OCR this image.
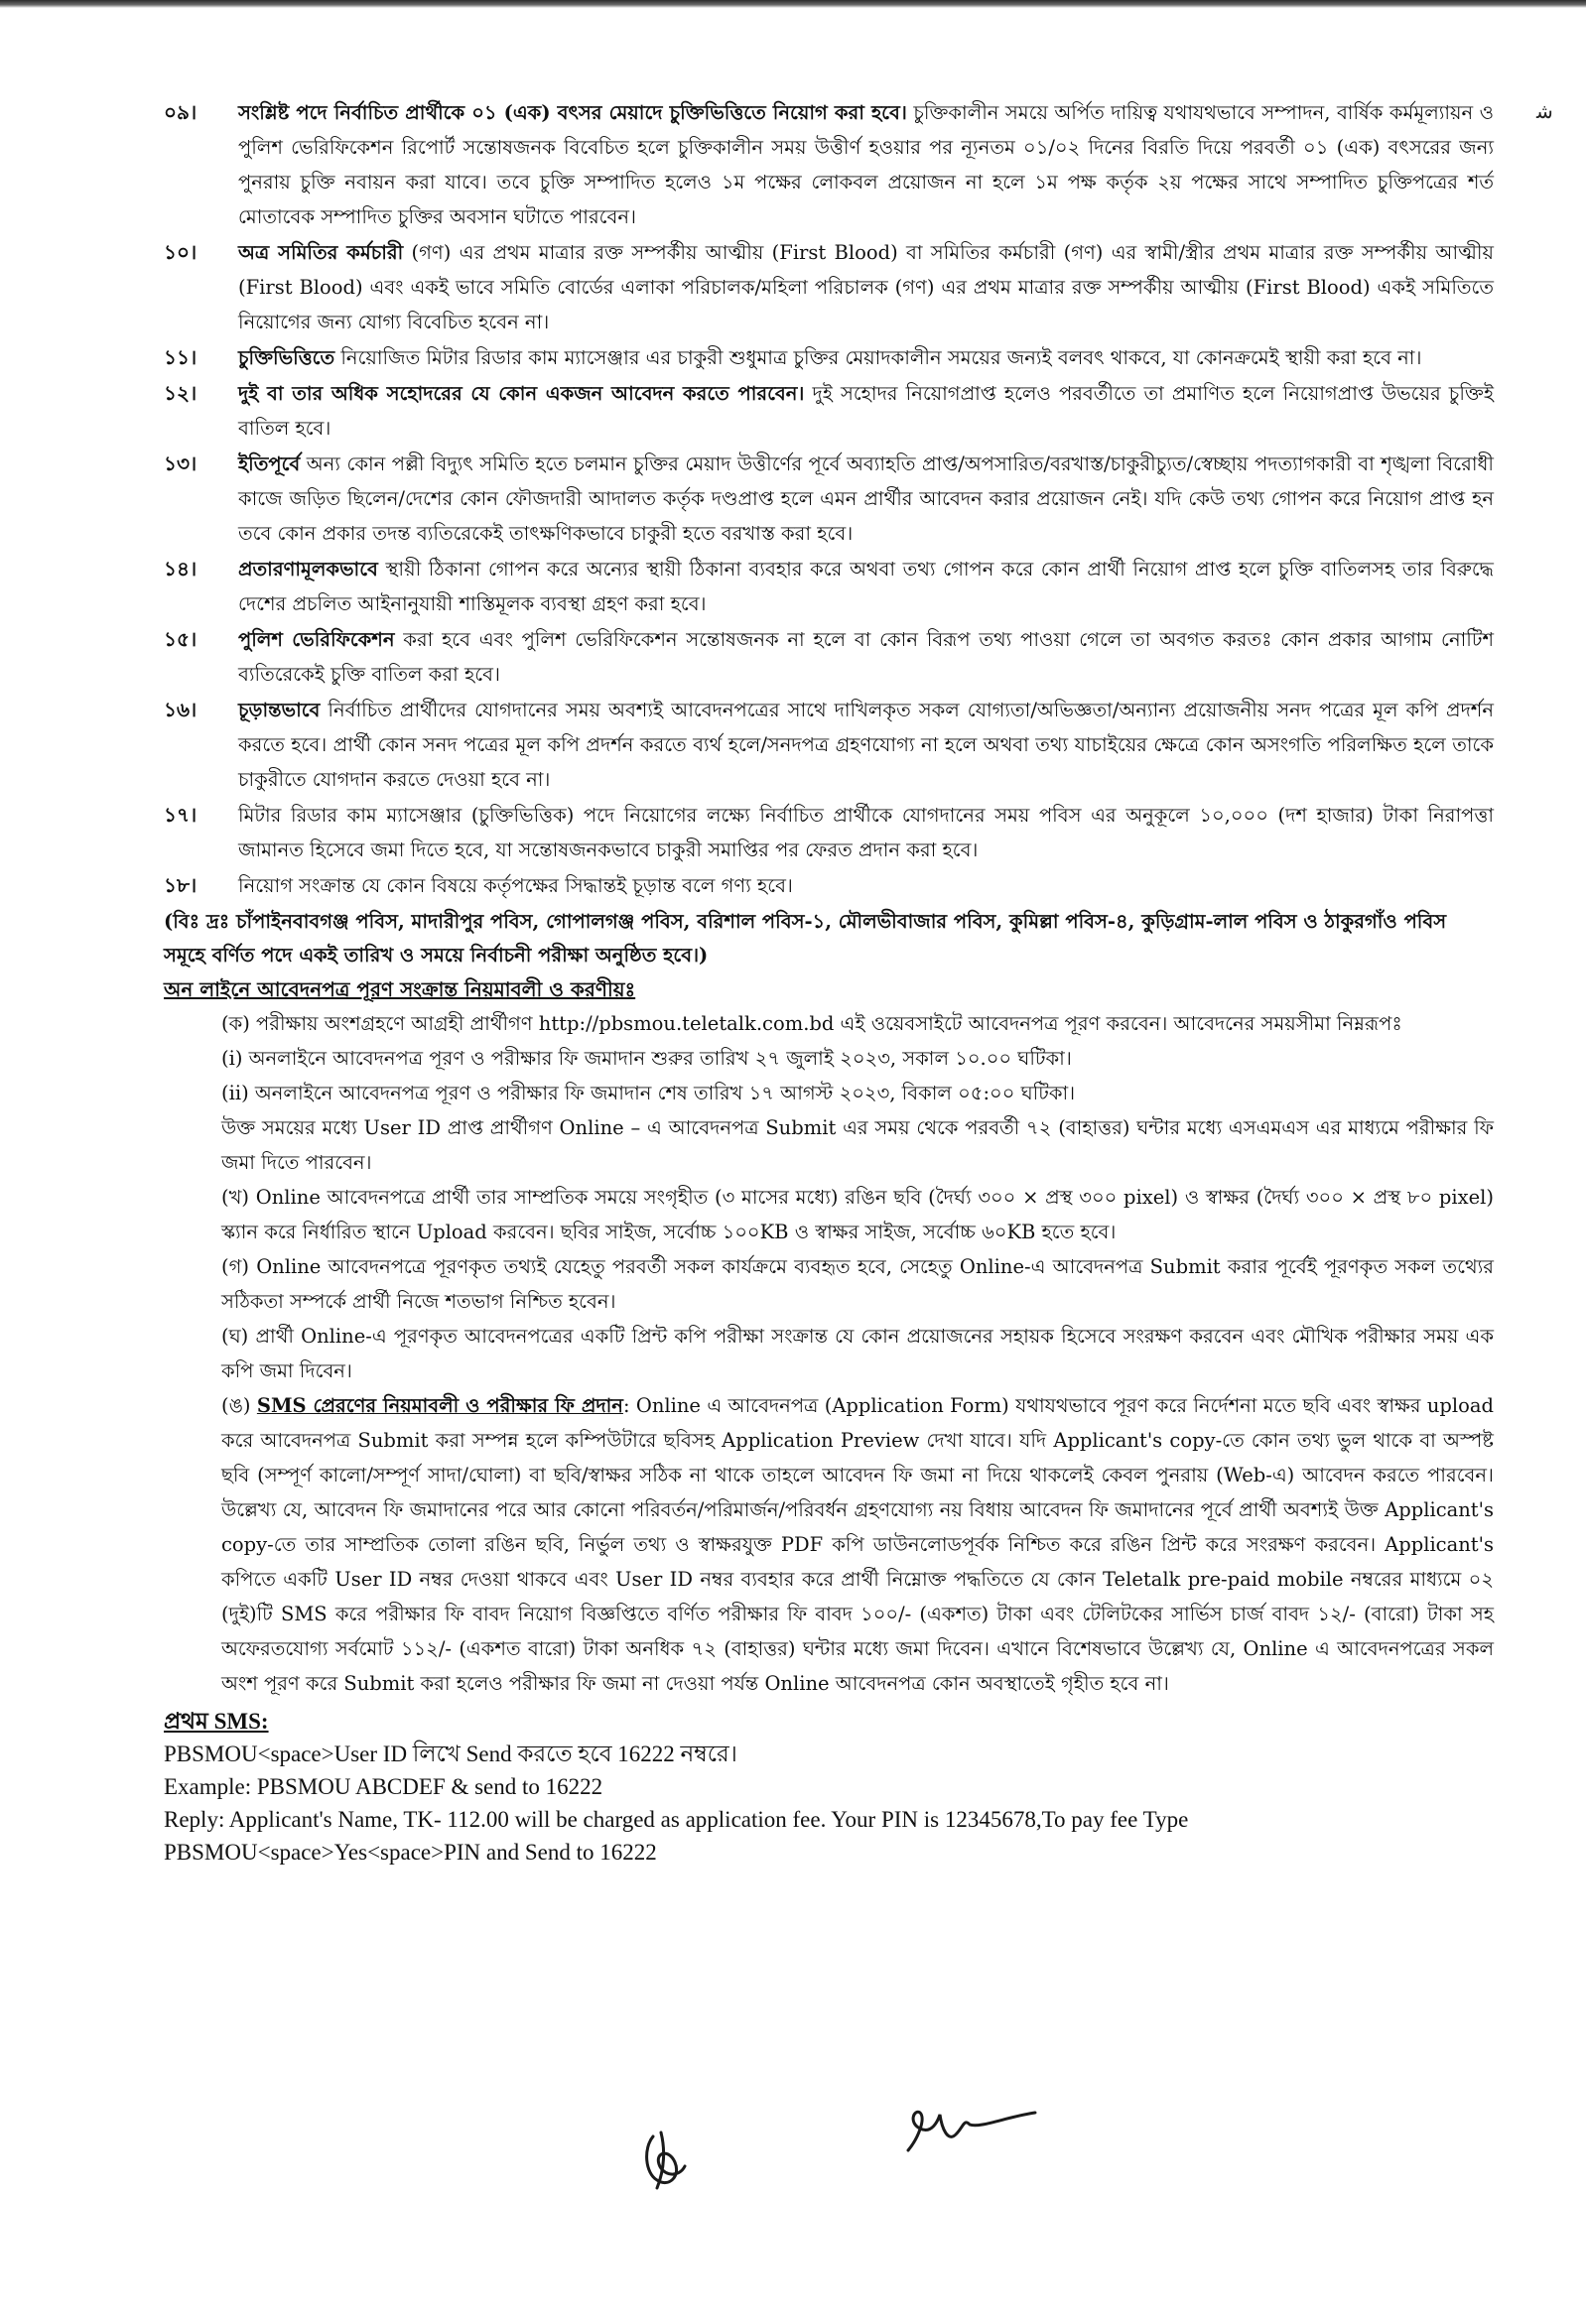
ﺷ
০৯। সংশ্লিষ্ট পদে নির্বাচিত প্রার্থীকে ০১ (এক) বৎসর মেয়াদে চুক্তিভিত্তিতে নিয়োগ করা হবে। চুক্তিকালীন সময়ে অর্পিত দায়িত্ব যথাযথভাবে সম্পাদন, বার্ষিক কর্মমূল্যায়ন ও পুলিশ ভেরিফিকেশন রিপোর্ট সন্তোষজনক বিবেচিত হলে চুক্তিকালীন সময় উত্তীর্ণ হওয়ার পর ন্যূনতম ০১/০২ দিনের বিরতি দিয়ে পরবর্তী ০১ (এক) বৎসরের জন্য পুনরায় চুক্তি নবায়ন করা যাবে। তবে চুক্তি সম্পাদিত হলেও ১ম পক্ষের লোকবল প্রয়োজন না হলে ১ম পক্ষ কর্তৃক ২য় পক্ষের সাথে সম্পাদিত চুক্তিপত্রের শর্ত মোতাবেক সম্পাদিত চুক্তির অবসান ঘটাতে পারবেন।
১০। অত্র সমিতির কর্মচারী (গণ) এর প্রথম মাত্রার রক্ত সম্পর্কীয় আত্মীয় (First Blood) বা সমিতির কর্মচারী (গণ) এর স্বামী/স্ত্রীর প্রথম মাত্রার রক্ত সম্পর্কীয় আত্মীয় (First Blood) এবং একই ভাবে সমিতি বোর্ডের এলাকা পরিচালক/মহিলা পরিচালক (গণ) এর প্রথম মাত্রার রক্ত সম্পর্কীয় আত্মীয় (First Blood) একই সমিতিতে নিয়োগের জন্য যোগ্য বিবেচিত হবেন না।
১১। চুক্তিভিত্তিতে নিয়োজিত মিটার রিডার কাম ম্যাসেঞ্জার এর চাকুরী শুধুমাত্র চুক্তির মেয়াদকালীন সময়ের জন্যই বলবৎ থাকবে, যা কোনক্রমেই স্থায়ী করা হবে না।
১২। দুই বা তার অধিক সহোদরের যে কোন একজন আবেদন করতে পারবেন। দুই সহোদর নিয়োগপ্রাপ্ত হলেও পরবর্তীতে তা প্রমাণিত হলে নিয়োগপ্রাপ্ত উভয়ের চুক্তিই বাতিল হবে।
১৩। ইতিপূর্বে অন্য কোন পল্লী বিদ্যুৎ সমিতি হতে চলমান চুক্তির মেয়াদ উত্তীর্ণের পূর্বে অব্যাহতি প্রাপ্ত/অপসারিত/বরখাস্ত/চাকুরীচ্যুত/স্বেচ্ছায় পদত্যাগকারী বা শৃঙ্খলা বিরোধী কাজে জড়িত ছিলেন/দেশের কোন ফৌজদারী আদালত কর্তৃক দণ্ডপ্রাপ্ত হলে এমন প্রার্থীর আবেদন করার প্রয়োজন নেই। যদি কেউ তথ্য গোপন করে নিয়োগ প্রাপ্ত হন তবে কোন প্রকার তদন্ত ব্যতিরেকেই তাৎক্ষণিকভাবে চাকুরী হতে বরখাস্ত করা হবে।
১৪। প্রতারণামূলকভাবে স্থায়ী ঠিকানা গোপন করে অন্যের স্থায়ী ঠিকানা ব্যবহার করে অথবা তথ্য গোপন করে কোন প্রার্থী নিয়োগ প্রাপ্ত হলে চুক্তি বাতিলসহ তার বিরুদ্ধে দেশের প্রচলিত আইনানুযায়ী শাস্তিমূলক ব্যবস্থা গ্রহণ করা হবে।
১৫। পুলিশ ভেরিফিকেশন করা হবে এবং পুলিশ ভেরিফিকেশন সন্তোষজনক না হলে বা কোন বিরূপ তথ্য পাওয়া গেলে তা অবগত করতঃ কোন প্রকার আগাম নোটিশ ব্যতিরেকেই চুক্তি বাতিল করা হবে।
১৬। চূড়ান্তভাবে নির্বাচিত প্রার্থীদের যোগদানের সময় অবশ্যই আবেদনপত্রের সাথে দাখিলকৃত সকল যোগ্যতা/অভিজ্ঞতা/অন্যান্য প্রয়োজনীয় সনদ পত্রের মূল কপি প্রদর্শন করতে হবে। প্রার্থী কোন সনদ পত্রের মূল কপি প্রদর্শন করতে ব্যর্থ হলে/সনদপত্র গ্রহণযোগ্য না হলে অথবা তথ্য যাচাইয়ের ক্ষেত্রে কোন অসংগতি পরিলক্ষিত হলে তাকে চাকুরীতে যোগদান করতে দেওয়া হবে না।
১৭। মিটার রিডার কাম ম্যাসেঞ্জার (চুক্তিভিত্তিক) পদে নিয়োগের লক্ষ্যে নির্বাচিত প্রার্থীকে যোগদানের সময় পবিস এর অনুকূলে ১০,০০০ (দশ হাজার) টাকা নিরাপত্তা জামানত হিসেবে জমা দিতে হবে, যা সন্তোষজনকভাবে চাকুরী সমাপ্তির পর ফেরত প্রদান করা হবে।
১৮। নিয়োগ সংক্রান্ত যে কোন বিষয়ে কর্তৃপক্ষের সিদ্ধান্তই চূড়ান্ত বলে গণ্য হবে।
(বিঃ দ্রঃ চাঁপাইনবাবগঞ্জ পবিস, মাদারীপুর পবিস, গোপালগঞ্জ পবিস, বরিশাল পবিস-১, মৌলভীবাজার পবিস, কুমিল্লা পবিস-৪, কুড়িগ্রাম-লাল পবিস ও ঠাকুরগাঁও পবিস সমূহে বর্ণিত পদে একই তারিখ ও সময়ে নির্বাচনী পরীক্ষা অনুষ্ঠিত হবে।)
অন লাইনে আবেদনপত্র পূরণ সংক্রান্ত নিয়মাবলী ও করণীয়ঃ
(ক) পরীক্ষায় অংশগ্রহণে আগ্রহী প্রার্থীগণ http://pbsmou.teletalk.com.bd এই ওয়েবসাইটে আবেদনপত্র পূরণ করবেন। আবেদনের সময়সীমা নিম্নরূপঃ
(i) অনলাইনে আবেদনপত্র পূরণ ও পরীক্ষার ফি জমাদান শুরুর তারিখ ২৭ জুলাই ২০২৩, সকাল ১০.০০ ঘটিকা।
(ii) অনলাইনে আবেদনপত্র পূরণ ও পরীক্ষার ফি জমাদান শেষ তারিখ ১৭ আগস্ট ২০২৩, বিকাল ০৫:০০ ঘটিকা।
উক্ত সময়ের মধ্যে User ID প্রাপ্ত প্রার্থীগণ Online – এ আবেদনপত্র Submit এর সময় থেকে পরবর্তী ৭২ (বাহাত্তর) ঘন্টার মধ্যে এসএমএস এর মাধ্যমে পরীক্ষার ফি জমা দিতে পারবেন।
(খ) Online আবেদনপত্রে প্রার্থী তার সাম্প্রতিক সময়ে সংগৃহীত (৩ মাসের মধ্যে) রঙিন ছবি (দৈর্ঘ্য ৩০০ × প্রস্থ ৩০০ pixel) ও স্বাক্ষর (দৈর্ঘ্য ৩০০ × প্রস্থ ৮০ pixel) স্ক্যান করে নির্ধারিত স্থানে Upload করবেন। ছবির সাইজ, সর্বোচ্চ ১০০KB ও স্বাক্ষর সাইজ, সর্বোচ্চ ৬০KB হতে হবে।
(গ) Online আবেদনপত্রে পূরণকৃত তথ্যই যেহেতু পরবর্তী সকল কার্যক্রমে ব্যবহৃত হবে, সেহেতু Online-এ আবেদনপত্র Submit করার পূর্বেই পূরণকৃত সকল তথ্যের সঠিকতা সম্পর্কে প্রার্থী নিজে শতভাগ নিশ্চিত হবেন।
(ঘ) প্রার্থী Online-এ পূরণকৃত আবেদনপত্রের একটি প্রিন্ট কপি পরীক্ষা সংক্রান্ত যে কোন প্রয়োজনের সহায়ক হিসেবে সংরক্ষণ করবেন এবং মৌখিক পরীক্ষার সময় এক কপি জমা দিবেন।
(ঙ) SMS প্রেরণের নিয়মাবলী ও পরীক্ষার ফি প্রদান: Online এ আবেদনপত্র (Application Form) যথাযথভাবে পূরণ করে নির্দেশনা মতে ছবি এবং স্বাক্ষর upload করে আবেদনপত্র Submit করা সম্পন্ন হলে কম্পিউটারে ছবিসহ Application Preview দেখা যাবে। যদি Applicant's copy-তে কোন তথ্য ভুল থাকে বা অস্পষ্ট ছবি (সম্পূর্ণ কালো/সম্পূর্ণ সাদা/ঘোলা) বা ছবি/স্বাক্ষর সঠিক না থাকে তাহলে আবেদন ফি জমা না দিয়ে থাকলেই কেবল পুনরায় (Web-এ) আবেদন করতে পারবেন। উল্লেখ্য যে, আবেদন ফি জমাদানের পরে আর কোনো পরিবর্তন/পরিমার্জন/পরিবর্ধন গ্রহণযোগ্য নয় বিধায় আবেদন ফি জমাদানের পূর্বে প্রার্থী অবশ্যই উক্ত Applicant's copy-তে তার সাম্প্রতিক তোলা রঙিন ছবি, নির্ভুল তথ্য ও স্বাক্ষরযুক্ত PDF কপি ডাউনলোডপূর্বক নিশ্চিত করে রঙিন প্রিন্ট করে সংরক্ষণ করবেন। Applicant's কপিতে একটি User ID নম্বর দেওয়া থাকবে এবং User ID নম্বর ব্যবহার করে প্রার্থী নিম্নোক্ত পদ্ধতিতে যে কোন Teletalk pre-paid mobile নম্বরের মাধ্যমে ০২ (দুই)টি SMS করে পরীক্ষার ফি বাবদ নিয়োগ বিজ্ঞপ্তিতে বর্ণিত পরীক্ষার ফি বাবদ ১০০/- (একশত) টাকা এবং টেলিটকের সার্ভিস চার্জ বাবদ ১২/- (বারো) টাকা সহ অফেরতযোগ্য সর্বমোট ১১২/- (একশত বারো) টাকা অনধিক ৭২ (বাহাত্তর) ঘন্টার মধ্যে জমা দিবেন। এখানে বিশেষভাবে উল্লেখ্য যে, Online এ আবেদনপত্রের সকল অংশ পূরণ করে Submit করা হলেও পরীক্ষার ফি জমা না দেওয়া পর্যন্ত Online আবেদনপত্র কোন অবস্থাতেই গৃহীত হবে না।
প্রথম SMS:

PBSMOU<space>User ID লিখে Send করতে হবে 16222 নম্বরে।

Example: PBSMOU ABCDEF & send to 16222

Reply: Applicant's Name, TK- 112.00 will be charged as application fee. Your PIN is 12345678,To pay fee Type PBSMOU<space>Yes<space>PIN and Send to 16222
